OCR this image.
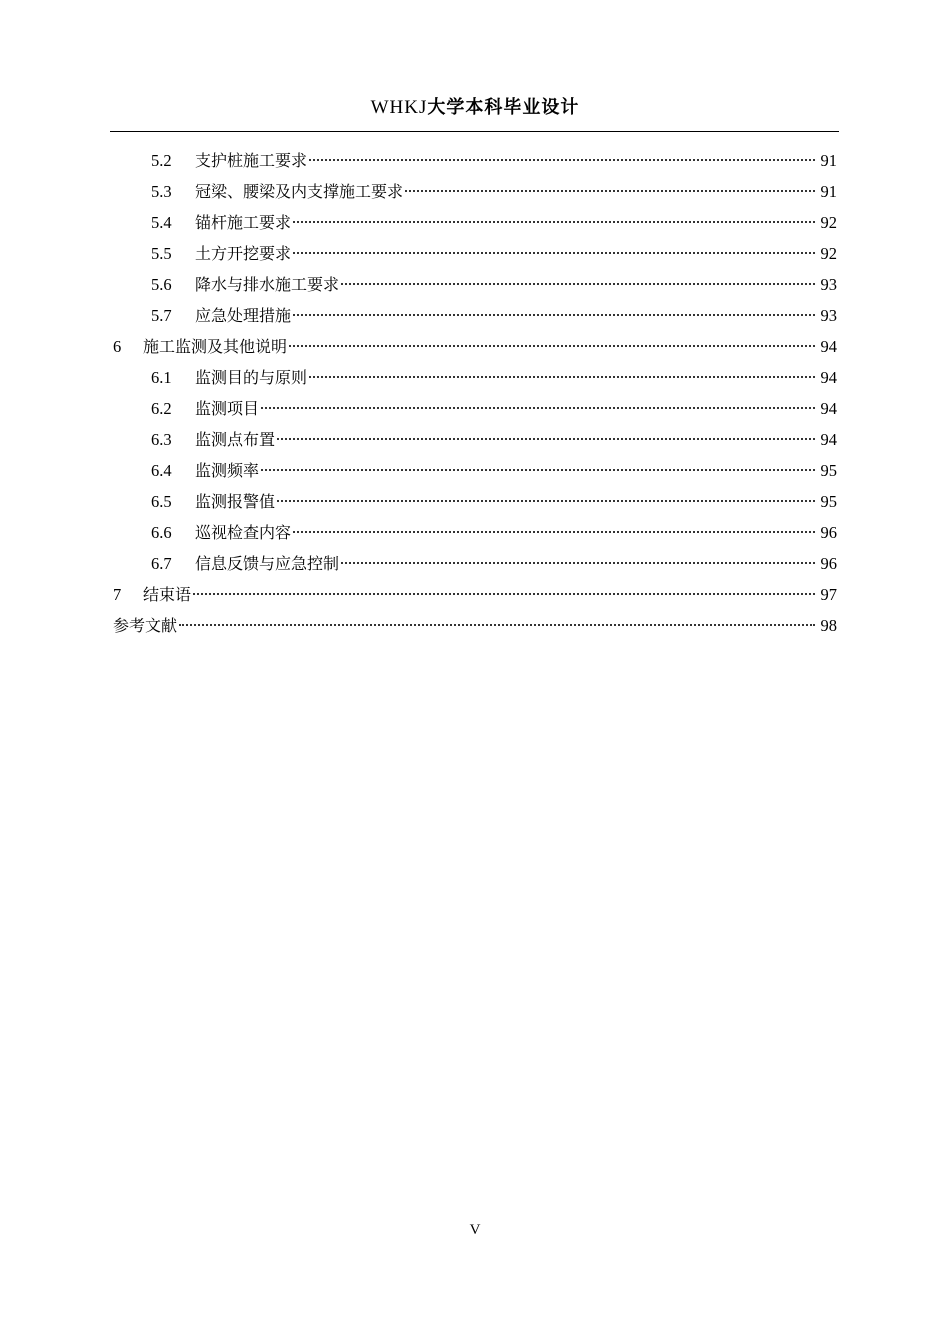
WHKJ大学本科毕业设计
5.2	支护桩施工要求	91
5.3	冠梁、腰梁及内支撑施工要求	91
5.4	锚杆施工要求	92
5.5	土方开挖要求	92
5.6	降水与排水施工要求	93
5.7	应急处理措施	93
6	施工监测及其他说明	94
6.1	监测目的与原则	94
6.2	监测项目	94
6.3	监测点布置	94
6.4	监测频率	95
6.5	监测报警值	95
6.6	巡视检查内容	96
6.7	信息反馈与应急控制	96
7	结束语	97
参考文献	98
V
